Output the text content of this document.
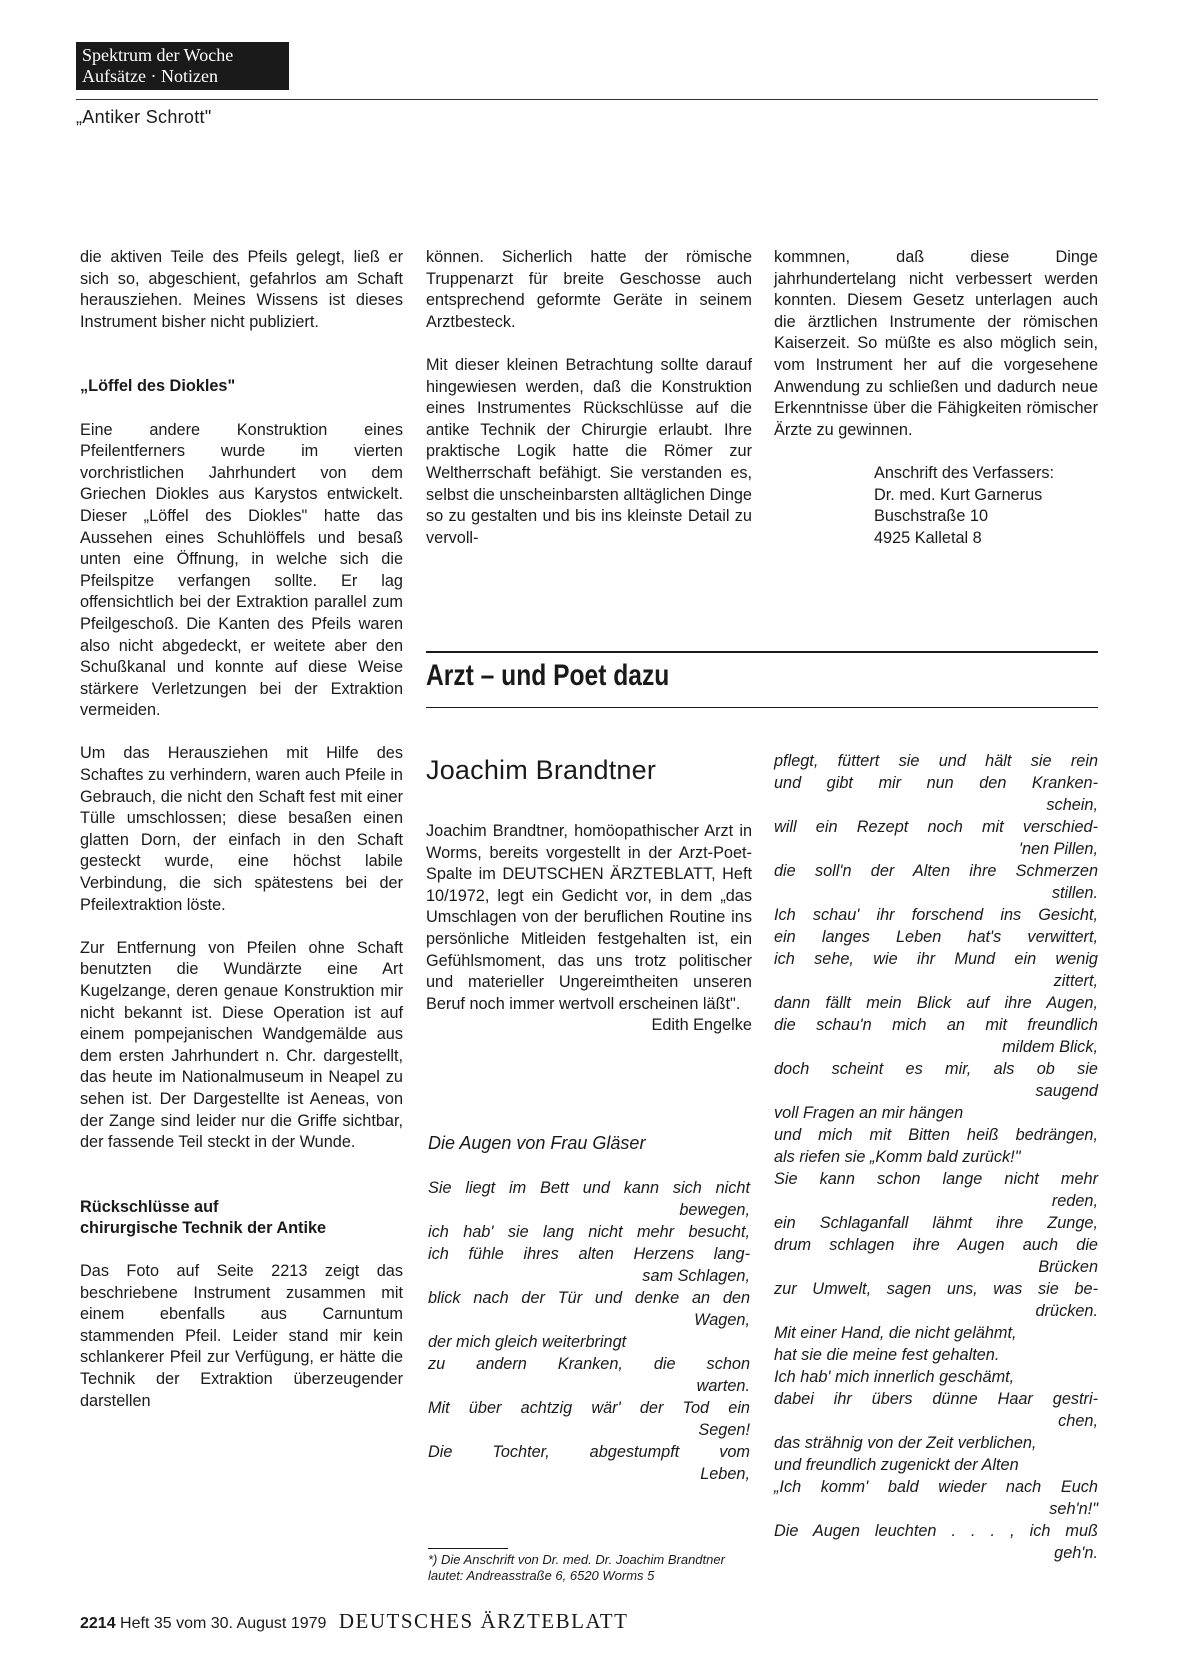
Spektrum der Woche
Aufsätze · Notizen
„Antiker Schrott"

die aktiven Teile des Pfeils gelegt, ließ er sich so, abgeschient, gefahrlos am Schaft herausziehen. Meines Wissens ist dieses Instrument bisher nicht publiziert.

„Löffel des Diokles"

Eine andere Konstruktion eines Pfeilentferners wurde im vierten vorchristlichen Jahrhundert von dem Griechen Diokles aus Karystos entwickelt. Dieser „Löffel des Diokles" hatte das Aussehen eines Schuhlöffels und besaß unten eine Öffnung, in welche sich die Pfeilspitze verfangen sollte. Er lag offensichtlich bei der Extraktion parallel zum Pfeilgeschoß. Die Kanten des Pfeils waren also nicht abgedeckt, er weitete aber den Schußkanal und konnte auf diese Weise stärkere Verletzungen bei der Extraktion vermeiden.

Um das Herausziehen mit Hilfe des Schaftes zu verhindern, waren auch Pfeile in Gebrauch, die nicht den Schaft fest mit einer Tülle umschlossen; diese besaßen einen glatten Dorn, der einfach in den Schaft gesteckt wurde, eine höchst labile Verbindung, die sich spätestens bei der Pfeilextraktion löste.

Zur Entfernung von Pfeilen ohne Schaft benutzten die Wundärzte eine Art Kugelzange, deren genaue Konstruktion mir nicht bekannt ist. Diese Operation ist auf einem pompejanischen Wandgemälde aus dem ersten Jahrhundert n. Chr. dargestellt, das heute im Nationalmuseum in Neapel zu sehen ist. Der Dargestellte ist Aeneas, von der Zange sind leider nur die Griffe sichtbar, der fassende Teil steckt in der Wunde.

Rückschlüsse auf
chirurgische Technik der Antike

Das Foto auf Seite 2213 zeigt das beschriebene Instrument zusammen mit einem ebenfalls aus Carnuntum stammenden Pfeil. Leider stand mir kein schlankerer Pfeil zur Verfügung, er hätte die Technik der Extraktion überzeugender darstellen

können. Sicherlich hatte der römische Truppenarzt für breite Geschosse auch entsprechend geformte Geräte in seinem Arztbesteck.

Mit dieser kleinen Betrachtung sollte darauf hingewiesen werden, daß die Konstruktion eines Instrumentes Rückschlüsse auf die antike Technik der Chirurgie erlaubt. Ihre praktische Logik hatte die Römer zur Weltherrschaft befähigt. Sie verstanden es, selbst die unscheinbarsten alltäglichen Dinge so zu gestalten und bis ins kleinste Detail zu vervoll-

kommnen, daß diese Dinge jahrhundertelang nicht verbessert werden konnten. Diesem Gesetz unterlagen auch die ärztlichen Instrumente der römischen Kaiserzeit. So müßte es also möglich sein, vom Instrument her auf die vorgesehene Anwendung zu schließen und dadurch neue Erkenntnisse über die Fähigkeiten römischer Ärzte zu gewinnen.

Anschrift des Verfassers:
Dr. med. Kurt Garnerus
Buschstraße 10
4925 Kalletal 8
Arzt – und Poet dazu
Joachim Brandtner
Joachim Brandtner, homöopathischer Arzt in Worms, bereits vorgestellt in der Arzt-Poet-Spalte im DEUTSCHEN ÄRZTEBLATT, Heft 10/1972, legt ein Gedicht vor, in dem „das Umschlagen von der beruflichen Routine ins persönliche Mitleiden festgehalten ist, ein Gefühlsmoment, das uns trotz politischer und materieller Ungereimtheiten unseren Beruf noch immer wertvoll erscheinen läßt".
Edith Engelke
Die Augen von Frau Gläser
Sie liegt im Bett und kann sich nicht
bewegen,
ich hab' sie lang nicht mehr besucht,
ich fühle ihres alten Herzens lang-
sam Schlagen,
blick nach der Tür und denke an den
Wagen,
der mich gleich weiterbringt
zu andern Kranken, die schon
warten.
Mit über achtzig wär' der Tod ein
Segen!
Die Tochter, abgestumpft vom
Leben,
pflegt, füttert sie und hält sie rein
und gibt mir nun den Kranken-
schein,
will ein Rezept noch mit verschied-
'nen Pillen,
die soll'n der Alten ihre Schmerzen
stillen.
Ich schau' ihr forschend ins Gesicht,
ein langes Leben hat's verwittert,
ich sehe, wie ihr Mund ein wenig
zittert,
dann fällt mein Blick auf ihre Augen,
die schau'n mich an mit freundlich
mildem Blick,
doch scheint es mir, als ob sie
saugend
voll Fragen an mir hängen
und mich mit Bitten heiß bedrängen,
als riefen sie „Komm bald zurück!"
Sie kann schon lange nicht mehr
reden,
ein Schlaganfall lähmt ihre Zunge,
drum schlagen ihre Augen auch die
Brücken
zur Umwelt, sagen uns, was sie be-
drücken.
Mit einer Hand, die nicht gelähmt,
hat sie die meine fest gehalten.
Ich hab' mich innerlich geschämt,
dabei ihr übers dünne Haar gestri-
chen,
das strähnig von der Zeit verblichen,
und freundlich zugenickt der Alten
„Ich komm' bald wieder nach Euch
seh'n!"
Die Augen leuchten . . . , ich muß
geh'n.
*) Die Anschrift von Dr. med. Dr. Joachim Brandtner lautet: Andreasstraße 6, 6520 Worms 5
2214 Heft 35 vom 30. August 1979 DEUTSCHES ÄRZTEBLATT
